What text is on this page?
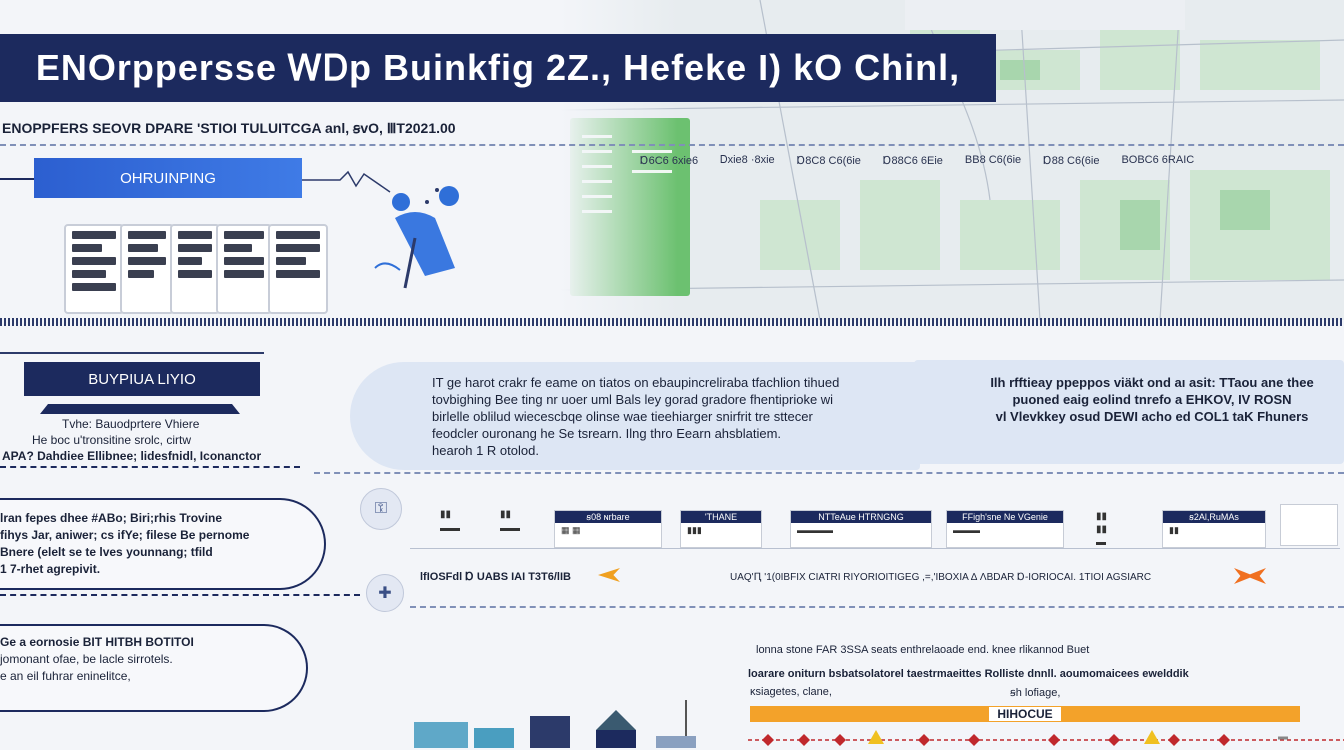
Ɒ6C6 6xie6 Ꭰxie8 ·8xie Ɒ8C8 C6(6ie Ɒ88C6 6Eie BB8 C6(6ie Ɒ88 C6(6ie BOBC6 6RAIC
ENOrppersse ᎳᎠp Buinkfig 2Z., Hefeke I) kO Chinl,
ENOPPFERS SEOVR DPARE 'STIOI TULUITCGA anl, ꞩvO, ⅢT2021.00
OHRUINPING
BUYPIUA LIYIO
Tvhe: Bauodprtere Vhiere
He boc u'tronsitine srolc, cirtw
APA? Dahdiee Ellibnee; lidesfnidl, Iconanctor
IT ge harot crakr fe eame on tiatos on ebaupincreliraba tfachlion tihued
tovbighing Bee ting nr uoer uml Bals ley gorad gradore fhentiprioke wi
birlelle oblilud wiecescbqe olinse wae tieehiarger snirfrit tre sttecer
feodcler ouronang he Se tsrearn. Ilng thro Eearn ahsblatiem.
hearoh 1 R otolod.
Ilh rfftieay ppeppos viäkt ond aı asit: TTaou ane thee
puoned eaig eolind tnrefo a EHKOV, IV ROSN
vl Vlevkkey osud DEWI acho ed COL1 taK Fhuners
lran fepes dhee #ABo; Biri;rhis Trovine
ﬁhys Jar, aniwer; cs ifYe; ﬁlese Be pernome
Bnere (elelt se te lves younnang; tfild
1 7-rhet agrepivit.
⚿	▮▮
▬▬
▮▮
▬▬
ꞩ08 ɴrbare
▦ ▦
'THANE
▮▮▮
NTTeAue HTRNGNG
▬▬▬▬
FFigh'sne Ne VGenie
▬▬▬
▮▮
▮▮
▬
ꞩ2Al,RuMAs
▮▮
✚
lfIOSFdl Ɒ UABS IAI T3T6/lIB	UAQ'Ԥ '1(0IBFIX CIATRI RIYORIOITIGEG ,=,'IBOXIA ∆ ΛBDAR Ɒ-IORIOCAI. 1TIOI AGSIARC
Ge a eornosie BIT HITBH BOTITOI
jomonant ofae, be lacle sirrotels.
e an eil fuhrar eninelitce,
lonna stone FAR 3SSA seats enthrelaoade end. knee rlikannod Buet
loarare oniturn bsbatsolatorel taestrmaeittes Rolliste dnnll. aoumomaicees ewelddik
ᴋsiagetes, clane,	ꞩh lofiage,
HIHOCUE
